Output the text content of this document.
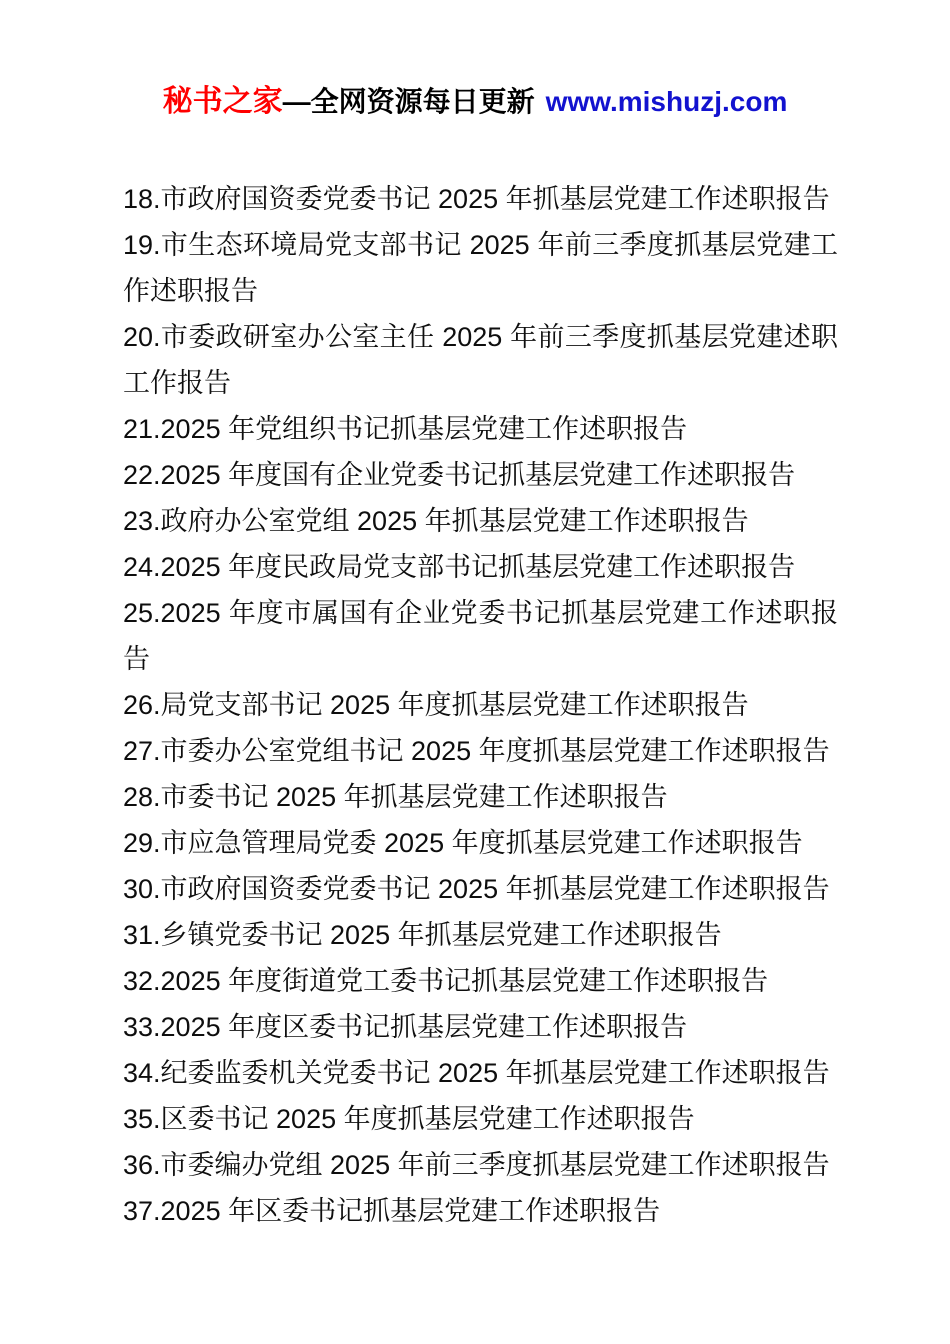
秘书之家—全网资源每日更新 www.mishuzj.com

18.市政府国资委党委书记 2025 年抓基层党建工作述职报告

19.市生态环境局党支部书记 2025 年前三季度抓基层党建工作述职报告

20.市委政研室办公室主任 2025 年前三季度抓基层党建述职工作报告

21.2025 年党组织书记抓基层党建工作述职报告

22.2025 年度国有企业党委书记抓基层党建工作述职报告

23.政府办公室党组 2025 年抓基层党建工作述职报告

24.2025 年度民政局党支部书记抓基层党建工作述职报告

25.2025 年度市属国有企业党委书记抓基层党建工作述职报告

26.局党支部书记 2025 年度抓基层党建工作述职报告

27.市委办公室党组书记 2025 年度抓基层党建工作述职报告

28.市委书记 2025 年抓基层党建工作述职报告

29.市应急管理局党委 2025 年度抓基层党建工作述职报告

30.市政府国资委党委书记 2025 年抓基层党建工作述职报告

31.乡镇党委书记 2025 年抓基层党建工作述职报告

32.2025 年度街道党工委书记抓基层党建工作述职报告

33.2025 年度区委书记抓基层党建工作述职报告

34.纪委监委机关党委书记 2025 年抓基层党建工作述职报告

35.区委书记 2025 年度抓基层党建工作述职报告

36.市委编办党组 2025 年前三季度抓基层党建工作述职报告

37.2025 年区委书记抓基层党建工作述职报告
